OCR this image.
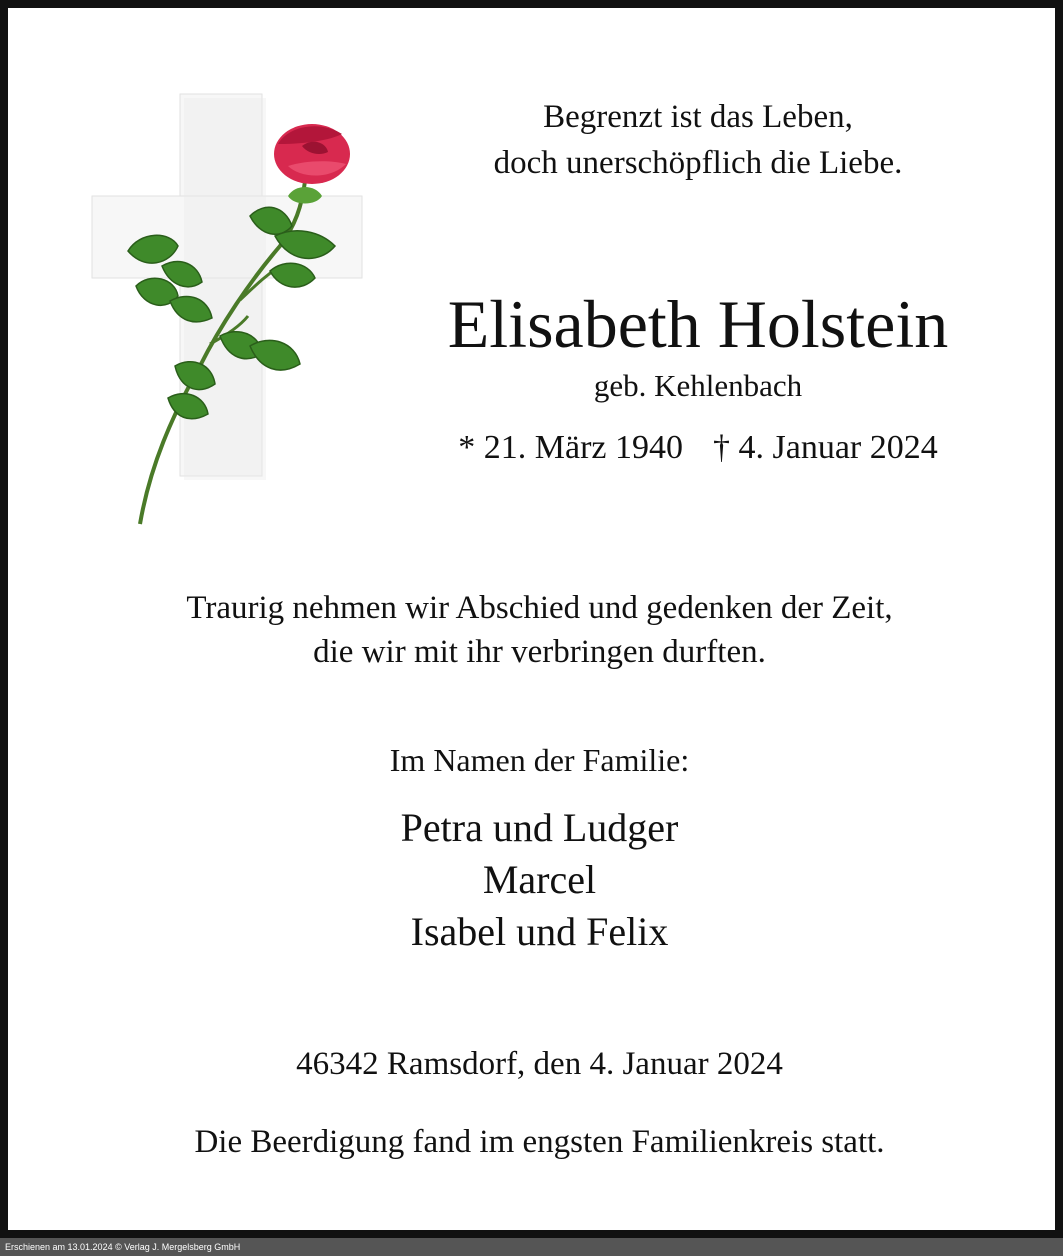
Begrenzt ist das Leben,
doch unerschöpflich die Liebe.
Elisabeth Holstein
geb. Kehlenbach
* 21. März 1940 † 4. Januar 2024
Traurig nehmen wir Abschied und gedenken der Zeit,
die wir mit ihr verbringen durften.
Im Namen der Familie:
Petra und Ludger
Marcel
Isabel und Felix
46342 Ramsdorf, den 4. Januar 2024
Die Beerdigung fand im engsten Familienkreis statt.
Erschienen am 13.01.2024 © Verlag J. Mergelsberg GmbH
